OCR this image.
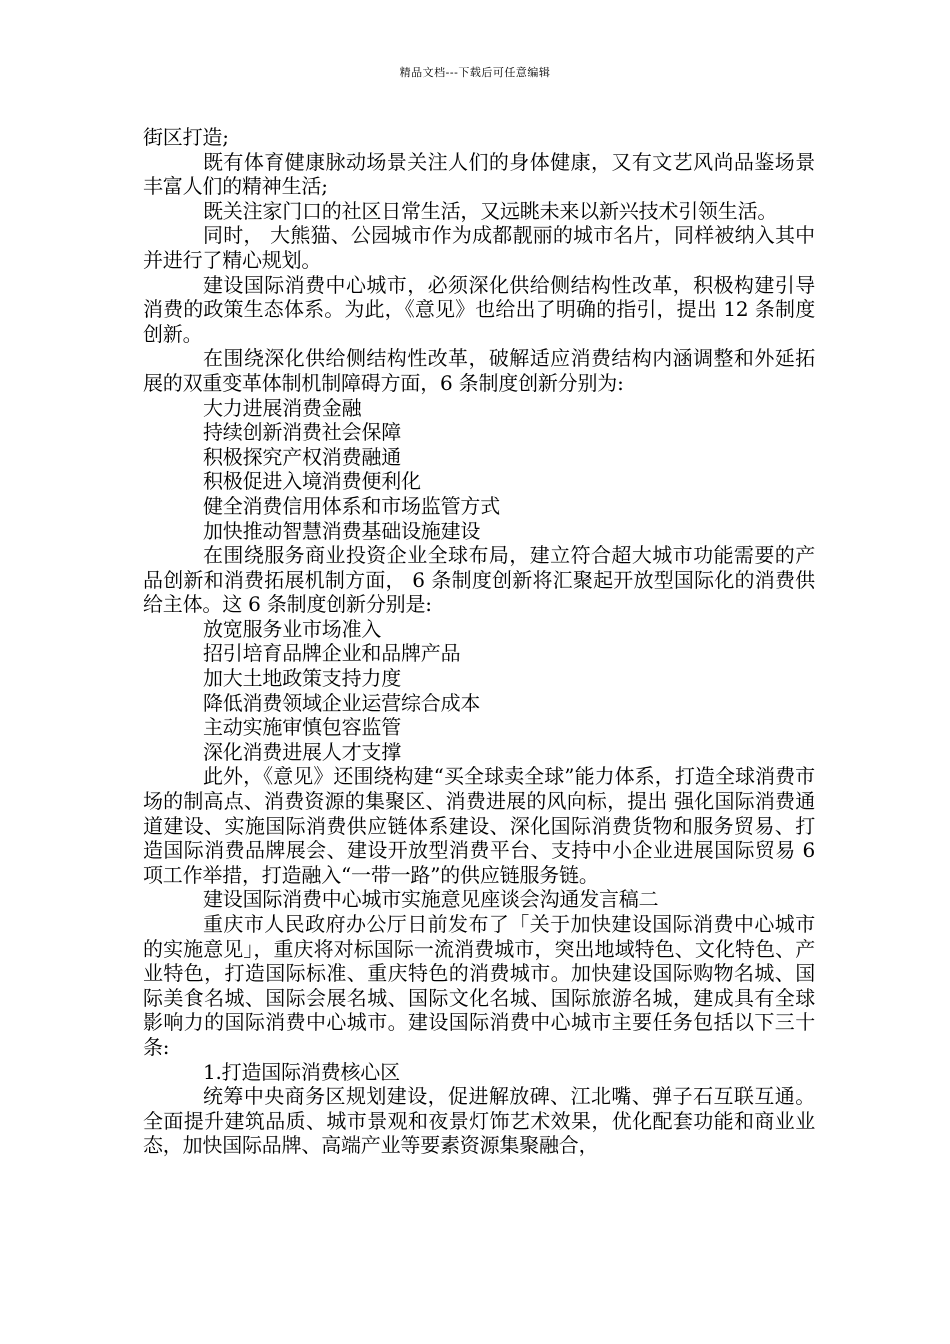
精品文档---下载后可任意编辑

街区打造;

既有体育健康脉动场景关注人们的身体健康，又有文艺风尚品鉴场景丰富人们的精神生活;

既关注家门口的社区日常生活，又远眺未来以新兴技术引领生活。

同时， 大熊猫、公园城市作为成都靓丽的城市名片，同样被纳入其中并进行了精心规划。

建设国际消费中心城市，必须深化供给侧结构性改革，积极构建引导消费的政策生态体系。为此，《意见》也给出了明确的指引，提出 12 条制度创新。

在围绕深化供给侧结构性改革，破解适应消费结构内涵调整和外延拓展的双重变革体制机制障碍方面，6 条制度创新分别为:

大力进展消费金融

持续创新消费社会保障

积极探究产权消费融通

积极促进入境消费便利化

健全消费信用体系和市场监管方式

加快推动智慧消费基础设施建设

在围绕服务商业投资企业全球布局，建立符合超大城市功能需要的产品创新和消费拓展机制方面， 6 条制度创新将汇聚起开放型国际化的消费供给主体。这 6 条制度创新分别是:

放宽服务业市场准入

招引培育品牌企业和品牌产品

加大土地政策支持力度

降低消费领域企业运营综合成本

主动实施审慎包容监管

深化消费进展人才支撑

此外，《意见》还围绕构建“买全球卖全球”能力体系，打造全球消费市场的制高点、消费资源的集聚区、消费进展的风向标，提出 强化国际消费通道建设、实施国际消费供应链体系建设、深化国际消费货物和服务贸易、打造国际消费品牌展会、建设开放型消费平台、支持中小企业进展国际贸易 6 项工作举措，打造融入“一带一路”的供应链服务链。

建设国际消费中心城市实施意见座谈会沟通发言稿二

重庆市人民政府办公厅日前发布了「关于加快建设国际消费中心城市的实施意见」，重庆将对标国际一流消费城市，突出地域特色、文化特色、产业特色，打造国际标准、重庆特色的消费城市。加快建设国际购物名城、国际美食名城、国际会展名城、国际文化名城、国际旅游名城，建成具有全球影响力的国际消费中心城市。建设国际消费中心城市主要任务包括以下三十条:

1.打造国际消费核心区

统筹中央商务区规划建设，促进解放碑、江北嘴、弹子石互联互通。全面提升建筑品质、城市景观和夜景灯饰艺术效果，优化配套功能和商业业态，加快国际品牌、高端产业等要素资源集聚融合，
